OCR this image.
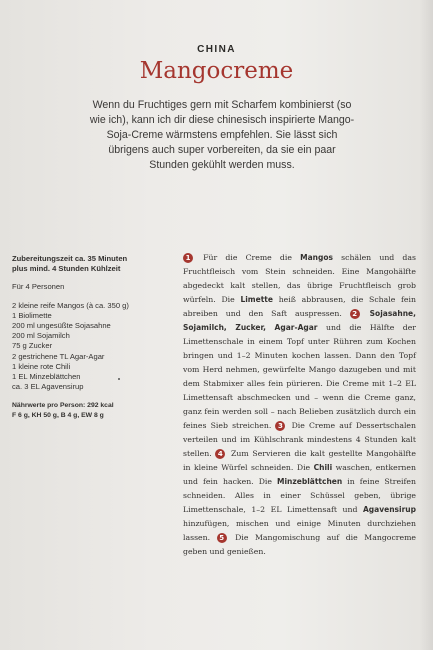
CHINA
Mangocreme
Wenn du Fruchtiges gern mit Scharfem kombinierst (so wie ich), kann ich dir diese chinesisch inspirierte Mango-Soja-Creme wärmstens empfehlen. Sie lässt sich übrigens auch super vorbereiten, da sie ein paar Stunden gekühlt werden muss.
Zubereitungszeit ca. 35 Minuten
plus mind. 4 Stunden Kühlzeit
Für 4 Personen
2 kleine reife Mangos (à ca. 350 g)
1 Biolimette
200 ml ungesüßte Sojasahne
200 ml Sojamilch
75 g Zucker
2 gestrichene TL Agar-Agar
1 kleine rote Chili
1 EL Minzeblättchen
ca. 3 EL Agavensirup
Nährwerte pro Person: 292 kcal
F 6 g, KH 50 g, B 4 g, EW 8 g
1 Für die Creme die Mangos schälen und das Fruchtfleisch vom Stein schneiden. Eine Mangohälfte abgedeckt kalt stellen, das übrige Fruchtfleisch grob würfeln. Die Limette heiß abbrausen, die Schale fein abreiben und den Saft auspressen. 2 Sojasahne, Sojamilch, Zucker, Agar-Agar und die Hälfte der Limettenschale in einem Topf unter Rühren zum Kochen bringen und 1–2 Minuten kochen lassen. Dann den Topf vom Herd nehmen, gewürfelte Mango dazugeben und mit dem Stabmixer alles fein pürieren. Die Creme mit 1–2 EL Limettensaft abschmecken und – wenn die Creme ganz, ganz fein werden soll – nach Belieben zusätzlich durch ein feines Sieb streichen. 3 Die Creme auf Dessertschalen verteilen und im Kühlschrank mindestens 4 Stunden kalt stellen. 4 Zum Servieren die kalt gestellte Mangohälfte in kleine Würfel schneiden. Die Chili waschen, entkernen und fein hacken. Die Minzeblättchen in feine Streifen schneiden. Alles in einer Schüssel geben, übrige Limettenschale, 1–2 EL Limettensaft und Agavensirup hinzufügen, mischen und einige Minuten durchziehen lassen. 5 Die Mangomischung auf die Mangocreme geben und genießen.
